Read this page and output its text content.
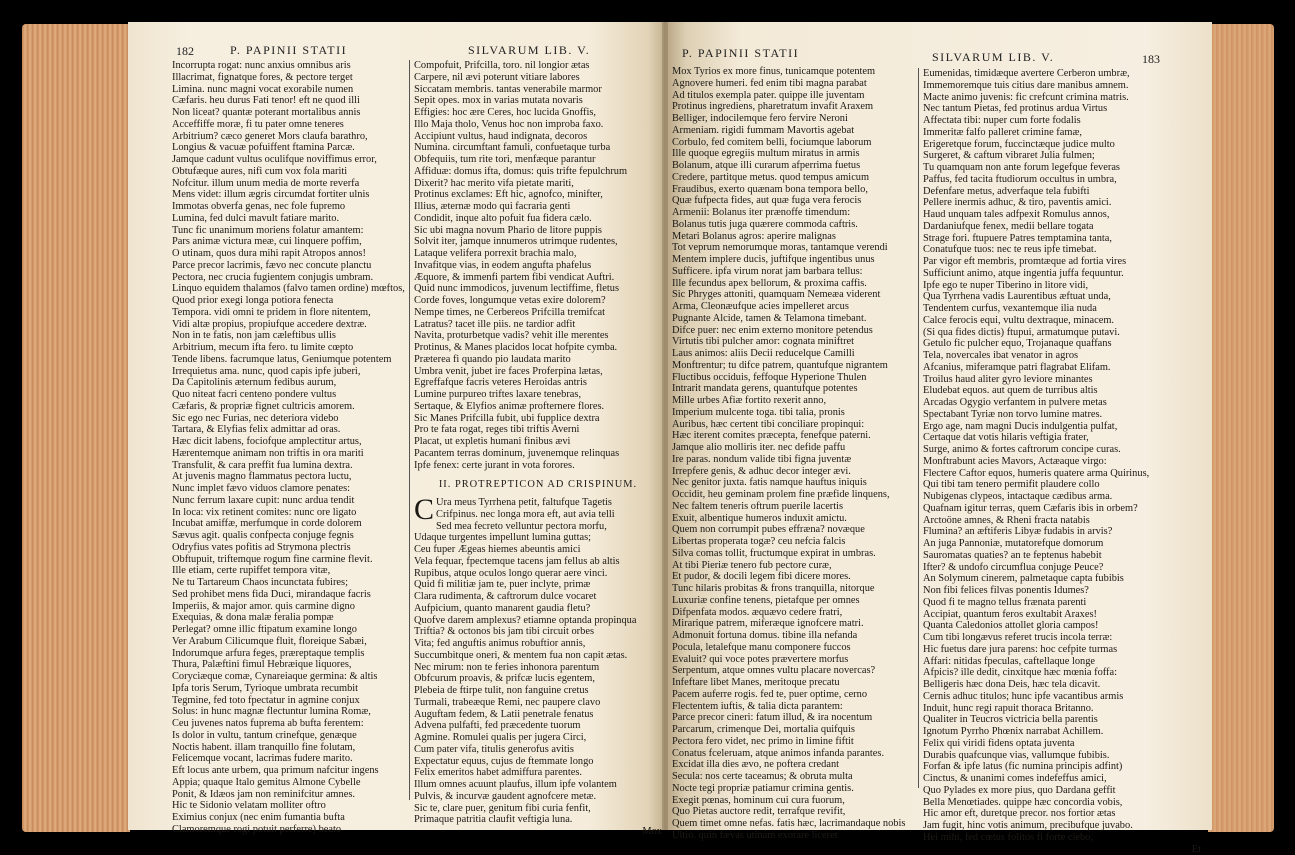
182	P. PAPINII STATII	SILVARUM LIB. V.

Incorrupta rogat: nunc anxius omnibus aris

Illacrimat, fignatque fores, & pectore terget

Limina. nunc magni vocat exorabile numen

Cæfaris. heu durus Fati tenor! eft ne quod illi

Non liceat? quantæ poterant mortalibus annis

Acceffiffe moræ, fi tu pater omne teneres

Arbitrium? cæco generet Mors claufa barathro,

Longius & vacuæ pofuiffent ftamina Parcæ.

Jamque cadunt vultus oculifque noviffimus error,

Obtufæque aures, nifi cum vox fola mariti

Nofcitur. illum unum media de morte reverfa

Mens videt: illum ægris circumdat fortiter ulnis

Immotas obverfa genas, nec fole fupremo

Lumina, fed dulci mavult fatiare marito.

Tunc fic unanimum moriens folatur amantem:

Pars animæ victura meæ, cui linquere poffim,

O utinam, quos dura mihi rapit Atropos annos!

Parce precor lacrimis, fævo nec concute planctu

Pectora, nec crucia fugientem conjugis umbram.

Linquo equidem thalamos (falvo tamen ordine) mœftos,

Quod prior exegi longa potiora fenecta

Tempora. vidi omni te pridem in flore nitentem,

Vidi altæ propius, propiufque accedere dextræ.

Non in te fatis, non jam cæleftibus ullis

Arbitrium, mecum ifta fero. tu limite cœpto

Tende libens. facrumque latus, Geniumque potentem

Irrequietus ama. nunc, quod capis ipfe juberi,

Da Capitolinis æternum fedibus aurum,

Quo niteat facri centeno pondere vultus

Cæfaris, & propriæ fignet cultricis amorem.

Sic ego nec Furias, nec deteriora videbo

Tartara, & Elyfias felix admittar ad oras.

Hæc dicit labens, fociofque amplectitur artus,

Hærentemque animam non triftis in ora mariti

Transfulit, & cara preffit fua lumina dextra.

At juvenis magno flammatus pectora luctu,

Nunc implet fævo viduos clamore penates:

Nunc ferrum laxare cupit: nunc ardua tendit

In loca: vix retinent comites: nunc ore ligato

Incubat amiffæ, merfumque in corde dolorem

Sævus agit. qualis confpecta conjuge fegnis

Odryfius vates pofitis ad Strymona plectris

Obftupuit, triftemque rogum fine carmine flevit.

Ille etiam, certe rupiffet tempora vitæ,

Ne tu Tartareum Chaos incunctata fubires;

Sed prohibet mens fida Duci, mirandaque facris

Imperiis, & major amor. quis carmine digno

Exequias, & dona malæ feralia pompæ

Perlegat? omne illic ftipatum examine longo

Ver Arabum Cilicumque fluit, floreique Sabæi,

Indorumque arfura feges, præreptaque templis

Thura, Palæftini fimul Hebræique liquores,

Coryciæque comæ, Cynareiaque germina: & altis

Ipfa toris Serum, Tyrioque umbrata recumbit

Tegmine, fed toto fpectatur in agmine conjux

Solus: in hunc magnæ flectuntur lumina Romæ,

Ceu juvenes natos fuprema ab bufta ferentem:

Is dolor in vultu, tantum crinefque, genæque

Noctis habent. illam tranquillo fine folutam,

Felicemque vocant, lacrimas fudere marito.

Eft locus ante urbem, qua primum nafcitur ingens

Appia; quaque Italo gemitus Almone Cybelle

Ponit, & Idæos jam non reminifcitur amnes.

Hic te Sidonio velatam molliter oftro

Eximius conjux (nec enim fumantia bufta

Clamoremque rogi potuit perferre) beato

Compofuit, Prifcilla, toro. nil longior ætas

Carpere, nil ævi poterunt vitiare labores

Siccatam membris. tantas venerabile marmor

Sepit opes. mox in varias mutata novaris

Effigies: hoc ære Ceres, hoc lucida Gnoffis,

Illo Maja tholo, Venus hoc non improba faxo.

Accipiunt vultus, haud indignata, decoros

Numina. circumftant famuli, confuetaque turba

Obfequiis, tum rite tori, menfæque parantur

Affiduæ: domus ifta, domus: quis trifte fepulchrum

Dixerit? hac merito vifa pietate mariti,

Protinus exclames: Eft hic, agnofco, minifter,

Illius, æternæ modo qui facraria genti

Condidit, inque alto pofuit fua fidera cælo.

Sic ubi magna novum Phario de litore puppis

Solvit iter, jamque innumeros utrimque rudentes,

Lataque velifera porrexit brachia malo,

Invafitque vias, in eodem angufta phafelus

Æquore, & immenfi partem fibi vendicat Auftri.

Quid nunc immodicos, juvenum lectiffime, fletus

Corde foves, longumque vetas exire dolorem?

Nempe times, ne Cerbereos Prifcilla tremifcat

Latratus? tacet ille piis. ne tardior adfit

Navita, proturbetque vadis? vehit ille merentes

Protinus, & Manes placidos locat hofpite cymba.

Præterea fi quando pio laudata marito

Umbra venit, jubet ire faces Proferpina lætas,

Egreffafque facris veteres Heroidas antris

Lumine purpureo triftes laxare tenebras,

Sertaque, & Elyfios animæ profternere flores.

Sic Manes Prifcilla fubit, ubi fupplice dextra

Pro te fata rogat, reges tibi triftis Averni

Placat, ut expletis humani finibus ævi

Pacantem terras dominum, juvenemque relinquas

Ipfe fenex: certe jurant in vota forores.

II. PROTREPTICON AD CRISPINUM.

C Ura meus Tyrrhena petit, faltufque Tagetis

Crifpinus. nec longa mora eft, aut avia telli

Sed mea fecreto velluntur pectora morfu,

Udaque turgentes impellunt lumina guttas;

Ceu fuper Ægeas hiemes abeuntis amici

Vela fequar, fpectemque tacens jam fellus ab altis

Rupibus, atque oculos longo querar aere vinci.

Quid fi militiæ jam te, puer inclyte, primæ

Clara rudimenta, & caftrorum dulce vocaret

Aufpicium, quanto manarent gaudia fletu?

Quofve darem amplexus? etiamne optanda propinqua

Triftia? & octonos bis jam tibi circuit orbes

Vita; fed anguftis animus robuftior annis,

Succumbitque oneri, & mentem fua non capit ætas.

Nec mirum: non te feries inhonora parentum

Obfcurum proavis, & prifcæ lucis egentem,

Plebeia de ftirpe tulit, non fanguine cretus

Turmali, trabeæque Remi, nec paupere clavo

Auguftam fedem, & Latii penetrale fenatus

Advena pulfafti, fed præcedente tuorum

Agmine. Romulei qualis per jugera Circi,

Cum pater vifa, titulis generofus avitis

Expectatur equus, cujus de ftemmate longo

Felix emeritos habet admiffura parentes.

Illum omnes acuunt plaufus, illum ipfe volantem

Pulvis, & incurvæ gaudent agnofcere metæ.

Sic te, clare puer, genitum fibi curia fenfit,

Primaque patritia claufit veftigia luna.

Mox

P. PAPINII STATII	SILVARUM LIB. V.	183

Mox Tyrios ex more finus, tunicamque potentem

Agnovere humeri. fed enim tibi magna parabat

Ad titulos exempla pater. quippe ille juventam

Protinus ingrediens, pharetratum invafit Araxem

Belliger, indocilemque fero fervire Neroni

Armeniam. rigidi fummam Mavortis agebat

Corbulo, fed comitem belli, fociumque laborum

Ille quoque egregiis multum miratus in armis

Bolanum, atque illi curarum afperrima fuetus

Credere, partitque metus. quod tempus amicum

Fraudibus, exerto quænam bona tempora bello,

Quæ fufpecta fides, aut quæ fuga vera ferocis

Armenii: Bolanus iter prænoffe timendum:

Bolanus tutis juga quærere commoda caftris.

Metari Bolanus agros: aperire malignas

Tot veprum nemorumque moras, tantamque verendi

Mentem implere ducis, juftifque ingentibus unus

Sufficere. ipfa virum norat jam barbara tellus:

Ille fecundus apex bellorum, & proxima caffis.

Sic Phryges attoniti, quamquam Nemeæa viderent

Arma, Cleonæufque acies impelleret arcus

Pugnante Alcide, tamen & Telamona timebant.

Difce puer: nec enim externo monitore petendus

Virtutis tibi pulcher amor: cognata miniftret

Laus animos: aliis Decii reducelque Camilli

Monftrentur; tu difce patrem, quantufque nigrantem

Fluctibus occiduis, feffoque Hyperione Thulen

Intrarit mandata gerens, quantufque potentes

Mille urbes Afiæ fortito rexerit anno,

Imperium mulcente toga. tibi talia, pronis

Auribus, hæc certent tibi conciliare propinqui:

Hæc iterent comites præcepta, fenefque paterni.

Jamque alio molliris iter. nec defide paffu

Ire paras. nondum valide tibi figna juventæ

Irrepfere genis, & adhuc decor integer ævi.

Nec genitor juxta. fatis namque hauftus iniquis

Occidit, heu geminam prolem fine præfide linquens,

Nec faltem teneris oftrum puerile lacertis

Exuit, albentique humeros induxit amictu.

Quem non corrumpit pubes effræna? novæque

Libertas properata togæ? ceu nefcia falcis

Silva comas tollit, fructumque expirat in umbras.

At tibi Pieriæ tenero fub pectore curæ,

Et pudor, & docili legem fibi dicere mores.

Tunc hilaris probitas & frons tranquilla, nitorque

Luxuriæ confine tenens, pietafque per omnes

Difpenfata modos. æquævo cedere fratri,

Mirarique patrem, miferæque ignofcere matri.

Admonuit fortuna domus. tibine illa nefanda

Pocula, letalefque manu componere fuccos

Evaluit? qui voce potes prævertere morfus

Serpentum, atque omnes vultu placare novercas?

Infeftare libet Manes, meritoque precatu

Pacem auferre rogis. fed te, puer optime, cerno

Flectentem iuftis, & talia dicta parantem:

Parce precor cineri: fatum illud, & ira nocentum

Parcarum, crimenque Dei, mortalia quifquis

Pectora fero videt, nec primo in limine fiftit

Conatus fceleruam, atque animos infanda parantes.

Excidat illa dies ævo, ne poftera credant

Secula: nos certe taceamus; & obruta multa

Nocte tegi propriæ patiamur crimina gentis.

Exegit pœnas, hominum cui cura fuorum,

Quo Pietas auctore redit, terrafque revifit,

Quem timet omne nefas. fatis hæc, lacrimandaque nobis

Ultio. quin fævas utinam exorare liceret

Eumenidas, timidæque avertere Cerberon umbræ,

Immemoremque tuis citius dare manibus amnem.

Macte animo juvenis: fic crefcunt crimina matris.

Nec tantum Pietas, fed protinus ardua Virtus

Affectata tibi: nuper cum forte fodalis

Immeritæ falfo palleret crimine famæ,

Erigeretque forum, fuccinctæque judice multo

Surgeret, & caftum vibraret Julia fulmen;

Tu quamquam non ante forum legefque feveras

Paffus, fed tacita ftudiorum occultus in umbra,

Defenfare metus, adverfaque tela fubifti

Pellere inermis adhuc, & tiro, paventis amici.

Haud unquam tales adfpexit Romulus annos,

Dardaniufque fenex, medii bellare togata

Strage fori. ftupuere Patres temptamina tanta,

Conatufque tuos: nec te reus ipfe timebat.

Par vigor eft membris, promtæque ad fortia vires

Sufficiunt animo, atque ingentia juffa fequuntur.

Ipfe ego te nuper Tiberino in litore vidi,

Qua Tyrrhena vadis Laurentibus æftuat unda,

Tendentem curfus, vexantemque ilia nuda

Calce ferocis equi, vultu dextraque, minacem.

(Si qua fides dictis) ftupui, armatumque putavi.

Getulo fic pulcher equo, Trojanaque quaffans

Tela, novercales ibat venator in agros

Afcanius, miferamque patri flagrabat Elifam.

Troilus haud aliter gyro leviore minantes

Eludebat equos. aut quem de turribus altis

Arcadas Ogygio verfantem in pulvere metas

Spectabant Tyriæ non torvo lumine matres.

Ergo age, nam magni Ducis indulgentia pulfat,

Certaque dat votis hilaris veftigia frater,

Surge, animo & fortes caftrorum concipe curas.

Monftrabunt acies Mavors, Actæaque virgo:

Flectere Caftor equos, humeris quatere arma Quirinus,

Qui tibi tam tenero permifit plaudere collo

Nubigenas clypeos, intactaque cædibus arma.

Quafnam igitur terras, quem Cæfaris ibis in orbem?

Arctoöne amnes, & Rheni fracta natabis

Flumina? an æftiferis Libyæ fudabis in arvis?

An juga Pannoniæ, mutatorefque domorum

Sauromatas quaties? an te feptenus habebit

Ifter? & undofo circumflua conjuge Peuce?

An Solymum cinerem, palmetaque capta fubibis

Non fibi felices filvas ponentis Idumes?

Quod fi te magno tellus frænata parenti

Accipiat, quantum feros exultabit Araxes!

Quanta Caledonios attollet gloria campos!

Cum tibi longævus referet trucis incola terræ:

Hic fuetus dare jura parens: hoc cefpite turmas

Affari: nitidas fpeculas, caftellaque longe

Afpicis? ille dedit, cinxitque hæc mœnia foffa:

Belligeris hæc dona Deis, hæc tela dicavit.

Cernis adhuc titulos; hunc ipfe vacantibus armis

Induit, hunc regi rapuit thoraca Britanno.

Qualiter in Teucros victricia bella parentis

Ignotum Pyrrho Phœnix narrabat Achillem.

Felix qui viridi fidens optata juventa

Durabis quafcunque vias, vallumque fubibis.

Forfan & ipfe latus (fic numina principis adfint)

Cinctus, & unanimi comes indefeffus amici,

Quo Pylades ex more pius, quo Dardana geffit

Bella Menœtiades. quippe hæc concordia vobis,

Hic amor eft, duretque precor. nos fortior ætas

Jam fugit, hinc votis animum, precibufque juvabo.

Hei mihi, fed cœtus folitos fi forte ciebo,

Et
